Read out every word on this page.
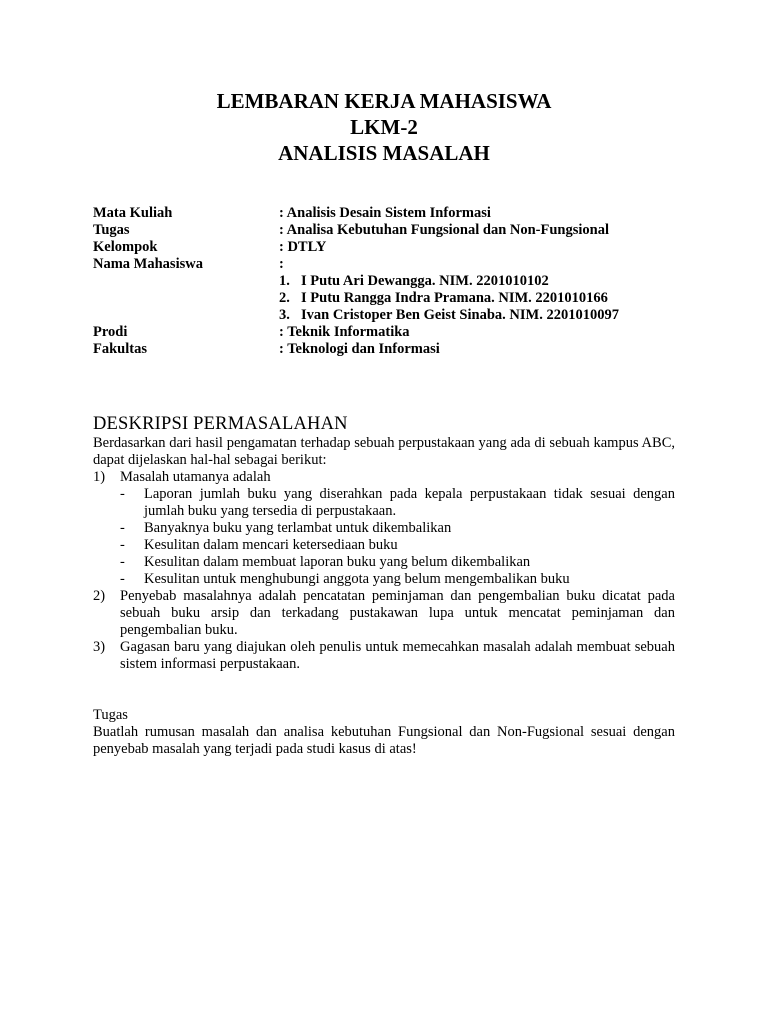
LEMBARAN KERJA MAHASISWA
LKM-2
ANALISIS MASALAH
Mata Kuliah	: Analisis Desain Sistem Informasi
Tugas	: Analisa Kebutuhan Fungsional dan Non-Fungsional
Kelompok	: DTLY
Nama Mahasiswa	:
1. I Putu Ari Dewangga. NIM. 2201010102
2. I Putu Rangga Indra Pramana. NIM. 2201010166
3. Ivan Cristoper Ben Geist Sinaba. NIM. 2201010097
Prodi	: Teknik Informatika
Fakultas	: Teknologi dan Informasi
DESKRIPSI PERMASALAHAN
Berdasarkan dari hasil pengamatan terhadap sebuah perpustakaan yang ada di sebuah kampus ABC, dapat dijelaskan hal-hal sebagai berikut:
1) Masalah utamanya adalah
- Laporan jumlah buku yang diserahkan pada kepala perpustakaan tidak sesuai dengan jumlah buku yang tersedia di perpustakaan.
- Banyaknya buku yang terlambat untuk dikembalikan
- Kesulitan dalam mencari ketersediaan buku
- Kesulitan dalam membuat laporan buku yang belum dikembalikan
- Kesulitan untuk menghubungi anggota yang belum mengembalikan buku
2) Penyebab masalahnya adalah pencatatan peminjaman dan pengembalian buku dicatat pada sebuah buku arsip dan terkadang pustakawan lupa untuk mencatat peminjaman dan pengembalian buku.
3) Gagasan baru yang diajukan oleh penulis untuk memecahkan masalah adalah membuat sebuah sistem informasi perpustakaan.
Tugas
Buatlah rumusan masalah dan analisa kebutuhan Fungsional dan Non-Fugsional sesuai dengan penyebab masalah yang terjadi pada studi kasus di atas!
